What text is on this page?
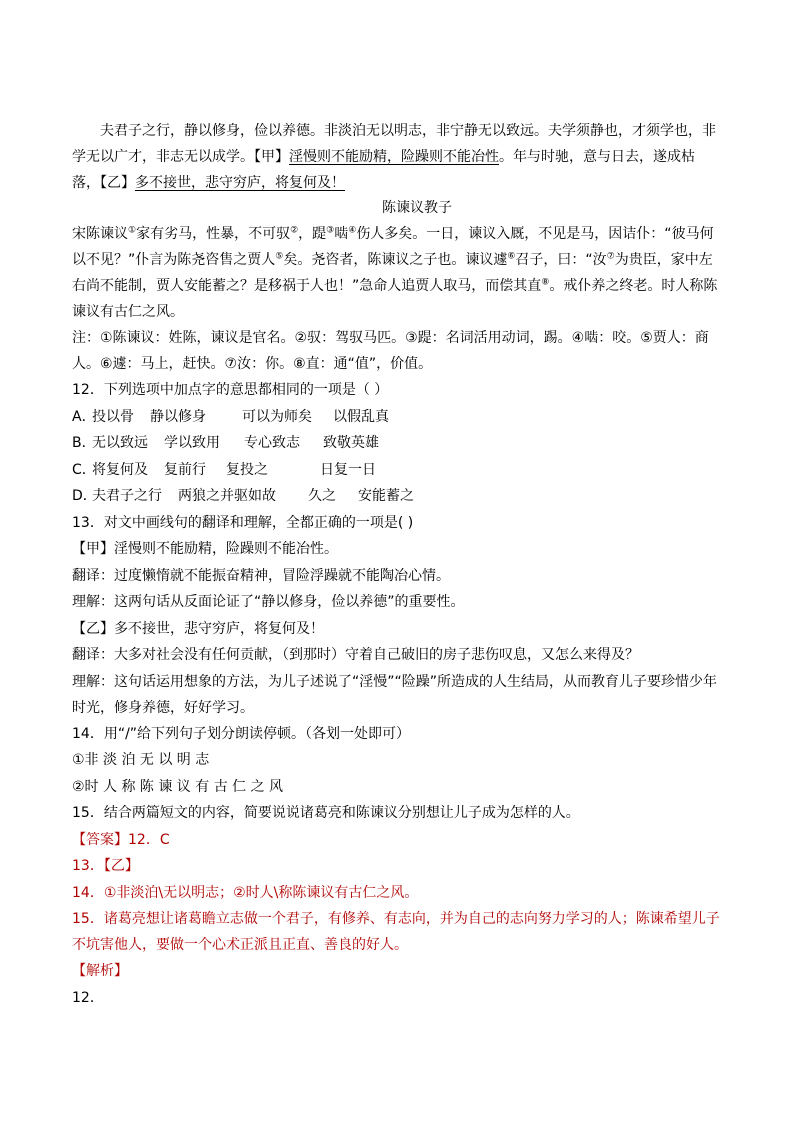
夫君子之行，静以修身，俭以养德。非淡泊无以明志，非宁静无以致远。夫学须静也，才须学也，非学无以广才，非志无以成学。【甲】淫慢则不能励精，险躁则不能冶性。年与时驰，意与日去，遂成枯落，【乙】多不接世，悲守穷庐，将复何及！

陈谏议教子

宋陈谏议①家有劣马，性暴，不可驭②，踶③啮④伤人多矣。一日，谏议入厩，不见是马，因诘仆：“彼马何以不见？”仆言为陈尧咨售之贾人⑤矣。尧咨者，陈谏议之子也。谏议遽⑥召子，曰：“汝⑦为贵臣，家中左右尚不能制，贾人安能蓄之？是移祸于人也！”急命人追贾人取马，而偿其直⑧。戒仆养之终老。时人称陈谏议有古仁之风。

注：①陈谏议：姓陈，谏议是官名。②驭：驾驭马匹。③踶：名词活用动词，踢。④啮：咬。⑤贾人：商人。⑥遽：马上，赶快。⑦汝：你。⑧直：通“值”，价值。

12．下列选项中加点字的意思都相同的一项是（ ）

A．投以骨 静以修身	可以为师矣 以假乱真

B．无以致远 学以致用 专心致志 致敬英雄

C．将复何及 复前行 复投之	日复一日

D．夫君子之行 两狼之并驱如故 久之 安能蓄之

13．对文中画线句的翻译和理解，全都正确的一项是( )

【甲】淫慢则不能励精，险躁则不能冶性。

翻译：过度懒惰就不能振奋精神，冒险浮躁就不能陶冶心情。

理解：这两句话从反面论证了“静以修身，俭以养德”的重要性。

【乙】多不接世，悲守穷庐，将复何及！

翻译：大多对社会没有任何贡献，（到那时）守着自己破旧的房子悲伤叹息，又怎么来得及？

理解：这句话运用想象的方法，为儿子述说了“淫慢”“险躁”所造成的人生结局，从而教育儿子要珍惜少年时光，修身养德，好好学习。

14．用“/”给下列句子划分朗读停顿。（各划一处即可）

①非 淡 泊 无 以 明 志

②时 人 称 陈 谏 议 有 古 仁 之 风

15．结合两篇短文的内容，简要说说诸葛亮和陈谏议分别想让儿子成为怎样的人。

【答案】12．C

13．【乙】

14．①非淡泊\无以明志；②时人\称陈谏议有古仁之风。

15．诸葛亮想让诸葛瞻立志做一个君子，有修养、有志向，并为自己的志向努力学习的人；陈谏希望儿子不坑害他人，要做一个心术正派且正直、善良的好人。

【解析】

12．
